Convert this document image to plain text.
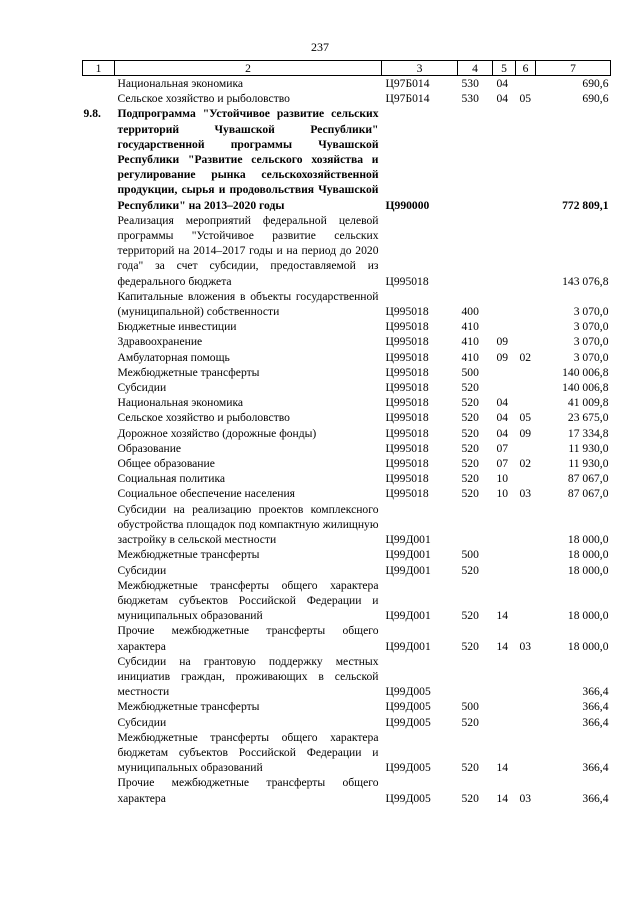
237
1	2	3	4	5	6	7
	Национальная экономика	Ц97Б014	530	04		690,6
	Сельское хозяйство и рыболовство	Ц97Б014	530	04	05	690,6
9.8.	Подпрограмма "Устойчивое развитие сельских территорий Чувашской Республики" государственной программы Чувашской Республики "Развитие сельского хозяйства и регулирование рынка сельскохозяйственной продукции, сырья и продовольствия Чувашской Республики" на 2013–2020 годы	Ц990000				772 809,1
	Реализация мероприятий федеральной целевой программы "Устойчивое развитие сельских территорий на 2014–2017 годы и на период до 2020 года" за счет субсидии, предоставляемой из федерального бюджета	Ц995018				143 076,8
	Капитальные вложения в объекты государственной (муниципальной) собственности	Ц995018	400			3 070,0
	Бюджетные инвестиции	Ц995018	410			3 070,0
	Здравоохранение	Ц995018	410	09		3 070,0
	Амбулаторная помощь	Ц995018	410	09	02	3 070,0
	Межбюджетные трансферты	Ц995018	500			140 006,8
	Субсидии	Ц995018	520			140 006,8
	Национальная экономика	Ц995018	520	04		41 009,8
	Сельское хозяйство и рыболовство	Ц995018	520	04	05	23 675,0
	Дорожное хозяйство (дорожные фонды)	Ц995018	520	04	09	17 334,8
	Образование	Ц995018	520	07		11 930,0
	Общее образование	Ц995018	520	07	02	11 930,0
	Социальная политика	Ц995018	520	10		87 067,0
	Социальное обеспечение населения	Ц995018	520	10	03	87 067,0
	Субсидии на реализацию проектов комплексного обустройства площадок под компактную жилищную застройку в сельской местности	Ц99Д001				18 000,0
	Межбюджетные трансферты	Ц99Д001	500			18 000,0
	Субсидии	Ц99Д001	520			18 000,0
	Межбюджетные трансферты общего характера бюджетам субъектов Российской Федерации и муниципальных образований	Ц99Д001	520	14		18 000,0
	Прочие межбюджетные трансферты общего характера	Ц99Д001	520	14	03	18 000,0
	Субсидии на грантовую поддержку местных инициатив граждан, проживающих в сельской местности	Ц99Д005				366,4
	Межбюджетные трансферты	Ц99Д005	500			366,4
	Субсидии	Ц99Д005	520			366,4
	Межбюджетные трансферты общего характера бюджетам субъектов Российской Федерации и муниципальных образований	Ц99Д005	520	14		366,4
	Прочие межбюджетные трансферты общего характера	Ц99Д005	520	14	03	366,4
